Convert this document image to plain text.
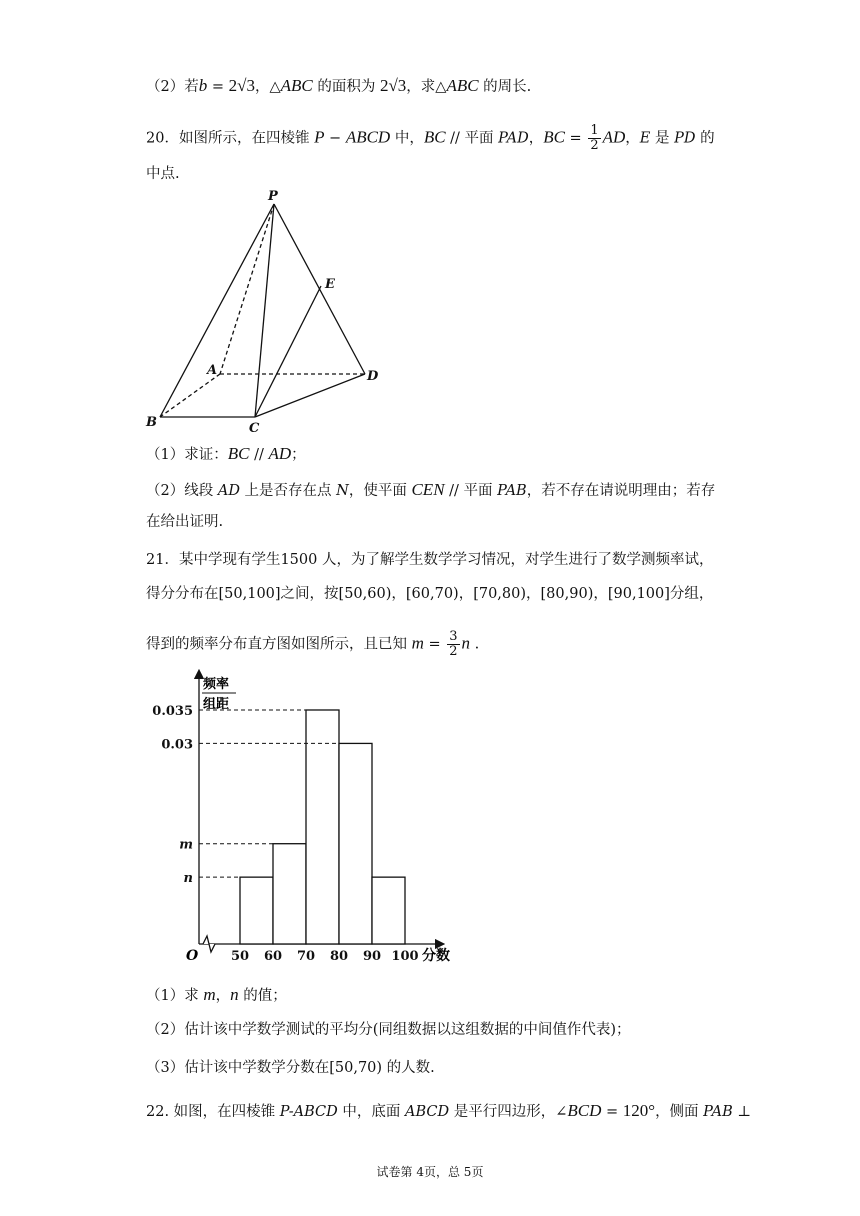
（2）若b = 2√3，△ABC 的面积为 2√3，求△ABC 的周长.
20．如图所示，在四棱锥 P − ABCD 中，BC // 平面 PAD，BC = $\frac{1}{2}$ AD，E 是 PD 的
中点.
P
E
A	D
B	C
（1）求证：BC // AD；
（2）线段 AD 上是否存在点 N，使平面 CEN // 平面 PAB，若不存在请说明理由；若存
在给出证明.
21．某中学现有学生1500 人，为了解学生数学学习情况，对学生进行了数学测频率试，
得分分布在[50,100]之间，按[50,60)，[60,70)，[70,80)，[80,90)，[90,100]分组，
得到的频率分布直方图如图所示，且已知 $m = \frac{3}{2}$ n .
0.035
0.03
m
n
50 60 70 80 90 100
频率
组距
分数
O
（1）求 m，n 的值；
（2）估计该中学数学测试的平均分(同组数据以这组数据的中间值作代表)；
（3）估计该中学数学分数在[50,70) 的人数.
22. 如图，在四棱锥 P-ABCD 中，底面 ABCD 是平行四边形，∠BCD = 120°，侧面 PAB ⊥
试卷第 4页，总 5页
